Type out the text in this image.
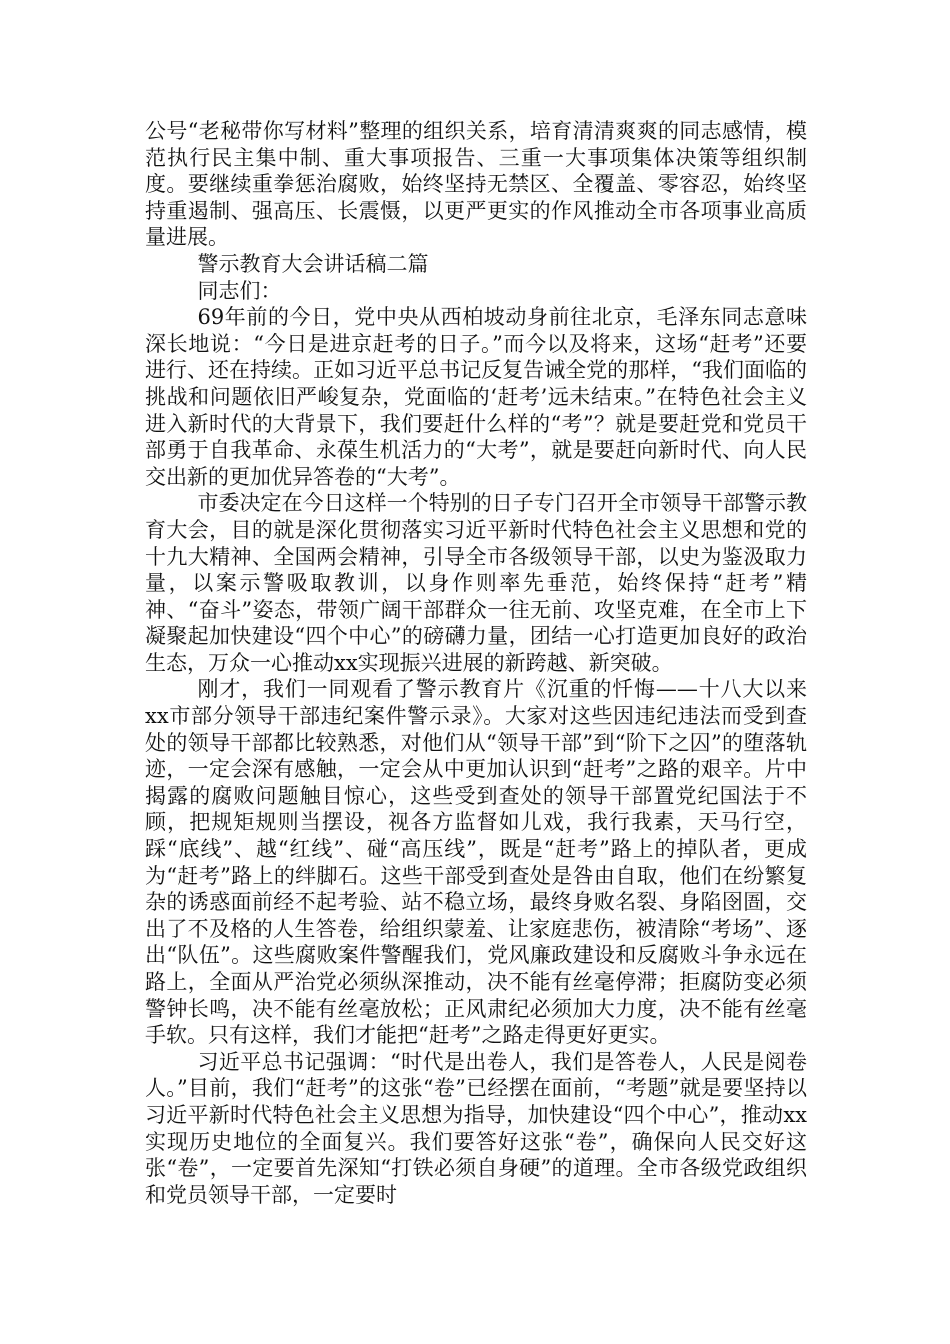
公号“老秘带你写材料”整理的组织关系，培育清清爽爽的同志感情，模范执行民主集中制、重大事项报告、三重一大事项集体决策等组织制度。要继续重拳惩治腐败，始终坚持无禁区、全覆盖、零容忍，始终坚持重遏制、强高压、长震慑，以更严更实的作风推动全市各项事业高质量进展。

警示教育大会讲话稿二篇

同志们：

69年前的今日，党中央从西柏坡动身前往北京，毛泽东同志意味深长地说：“今日是进京赶考的日子。”而今以及将来，这场“赶考”还要进行、还在持续。正如习近平总书记反复告诫全党的那样，“我们面临的挑战和问题依旧严峻复杂，党面临的‘赶考’远未结束。”在特色社会主义进入新时代的大背景下，我们要赶什么样的“考”？就是要赶党和党员干部勇于自我革命、永葆生机活力的“大考”，就是要赶向新时代、向人民交出新的更加优异答卷的“大考”。

市委决定在今日这样一个特别的日子专门召开全市领导干部警示教育大会，目的就是深化贯彻落实习近平新时代特色社会主义思想和党的十九大精神、全国两会精神，引导全市各级领导干部，以史为鉴汲取力量，以案示警吸取教训，以身作则率先垂范，始终保持“赶考”精神、“奋斗”姿态，带领广阔干部群众一往无前、攻坚克难，在全市上下凝聚起加快建设“四个中心”的磅礴力量，团结一心打造更加良好的政治生态，万众一心推动xx实现振兴进展的新跨越、新突破。

刚才，我们一同观看了警示教育片《沉重的忏悔——十八大以来xx市部分领导干部违纪案件警示录》。大家对这些因违纪违法而受到查处的领导干部都比较熟悉，对他们从“领导干部”到“阶下之囚”的堕落轨迹，一定会深有感触，一定会从中更加认识到“赶考”之路的艰辛。片中揭露的腐败问题触目惊心，这些受到查处的领导干部置党纪国法于不顾，把规矩规则当摆设，视各方监督如儿戏，我行我素，天马行空，踩“底线”、越“红线”、碰“高压线”，既是“赶考”路上的掉队者，更成为“赶考”路上的绊脚石。这些干部受到查处是咎由自取，他们在纷繁复杂的诱惑面前经不起考验、站不稳立场，最终身败名裂、身陷囹圄，交出了不及格的人生答卷，给组织蒙羞、让家庭悲伤，被清除“考场”、逐出“队伍”。这些腐败案件警醒我们，党风廉政建设和反腐败斗争永远在路上，全面从严治党必须纵深推动，决不能有丝毫停滞；拒腐防变必须警钟长鸣，决不能有丝毫放松；正风肃纪必须加大力度，决不能有丝毫手软。只有这样，我们才能把“赶考”之路走得更好更实。

习近平总书记强调：“时代是出卷人，我们是答卷人，人民是阅卷人。”目前，我们“赶考”的这张“卷”已经摆在面前，“考题”就是要坚持以习近平新时代特色社会主义思想为指导，加快建设“四个中心”，推动xx实现历史地位的全面复兴。我们要答好这张“卷”，确保向人民交好这张“卷”，一定要首先深知“打铁必须自身硬”的道理。全市各级党政组织和党员领导干部，一定要时
